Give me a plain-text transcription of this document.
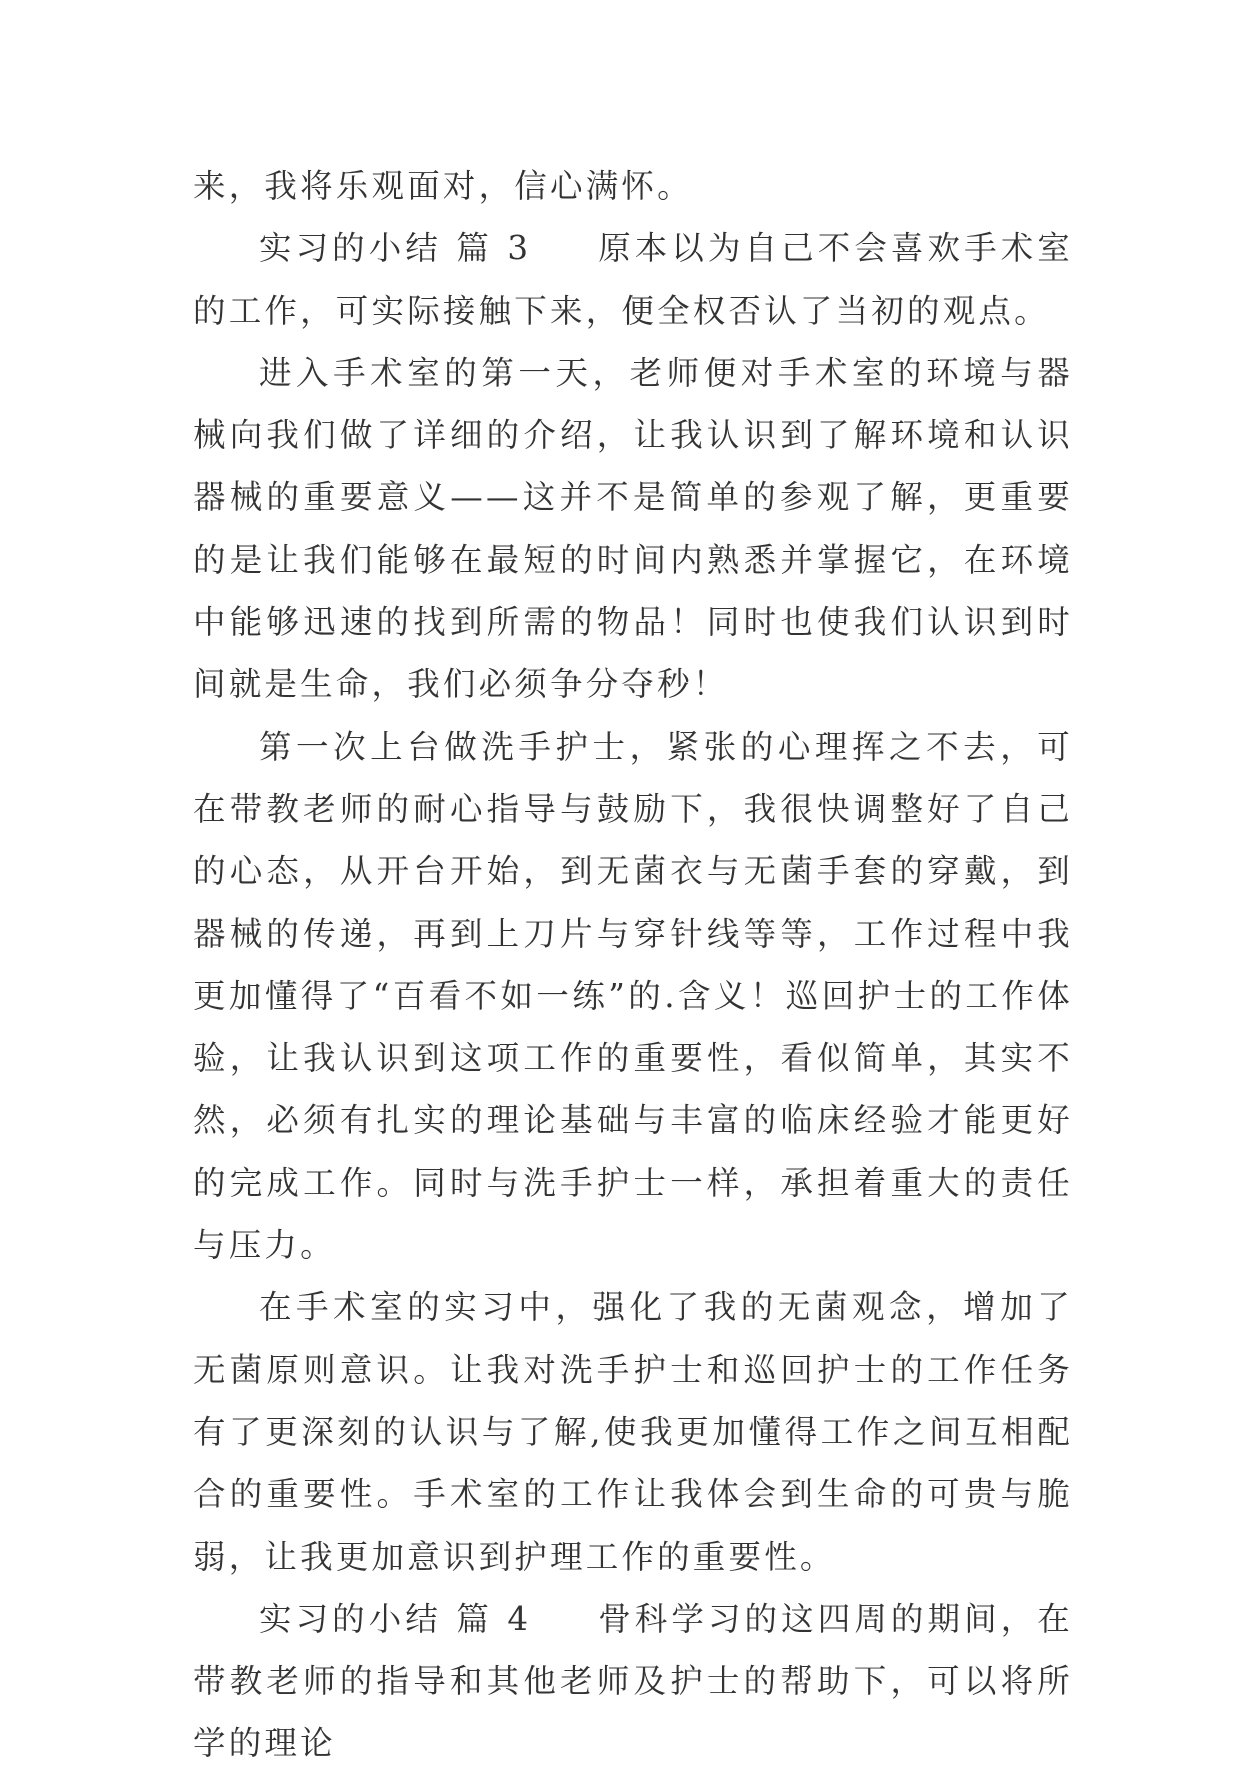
来，我将乐观面对，信心满怀。

实习的小结 篇 3 原本以为自己不会喜欢手术室的工作，可实际接触下来，便全权否认了当初的观点。

进入手术室的第一天，老师便对手术室的环境与器械向我们做了详细的介绍，让我认识到了解环境和认识器械的重要意义——这并不是简单的参观了解，更重要的是让我们能够在最短的时间内熟悉并掌握它，在环境中能够迅速的找到所需的物品！同时也使我们认识到时间就是生命，我们必须争分夺秒！

第一次上台做洗手护士，紧张的心理挥之不去，可在带教老师的耐心指导与鼓励下，我很快调整好了自己的心态，从开台开始，到无菌衣与无菌手套的穿戴，到器械的传递，再到上刀片与穿针线等等，工作过程中我更加懂得了“百看不如一练”的.含义！巡回护士的工作体验，让我认识到这项工作的重要性，看似简单，其实不然，必须有扎实的理论基础与丰富的临床经验才能更好的完成工作。同时与洗手护士一样，承担着重大的责任与压力。

在手术室的实习中，强化了我的无菌观念，增加了无菌原则意识。让我对洗手护士和巡回护士的工作任务有了更深刻的认识与了解,使我更加懂得工作之间互相配合的重要性。手术室的工作让我体会到生命的可贵与脆弱，让我更加意识到护理工作的重要性。

实习的小结 篇 4 骨科学习的这四周的期间，在带教老师的指导和其他老师及护士的帮助下，可以将所学的理论
